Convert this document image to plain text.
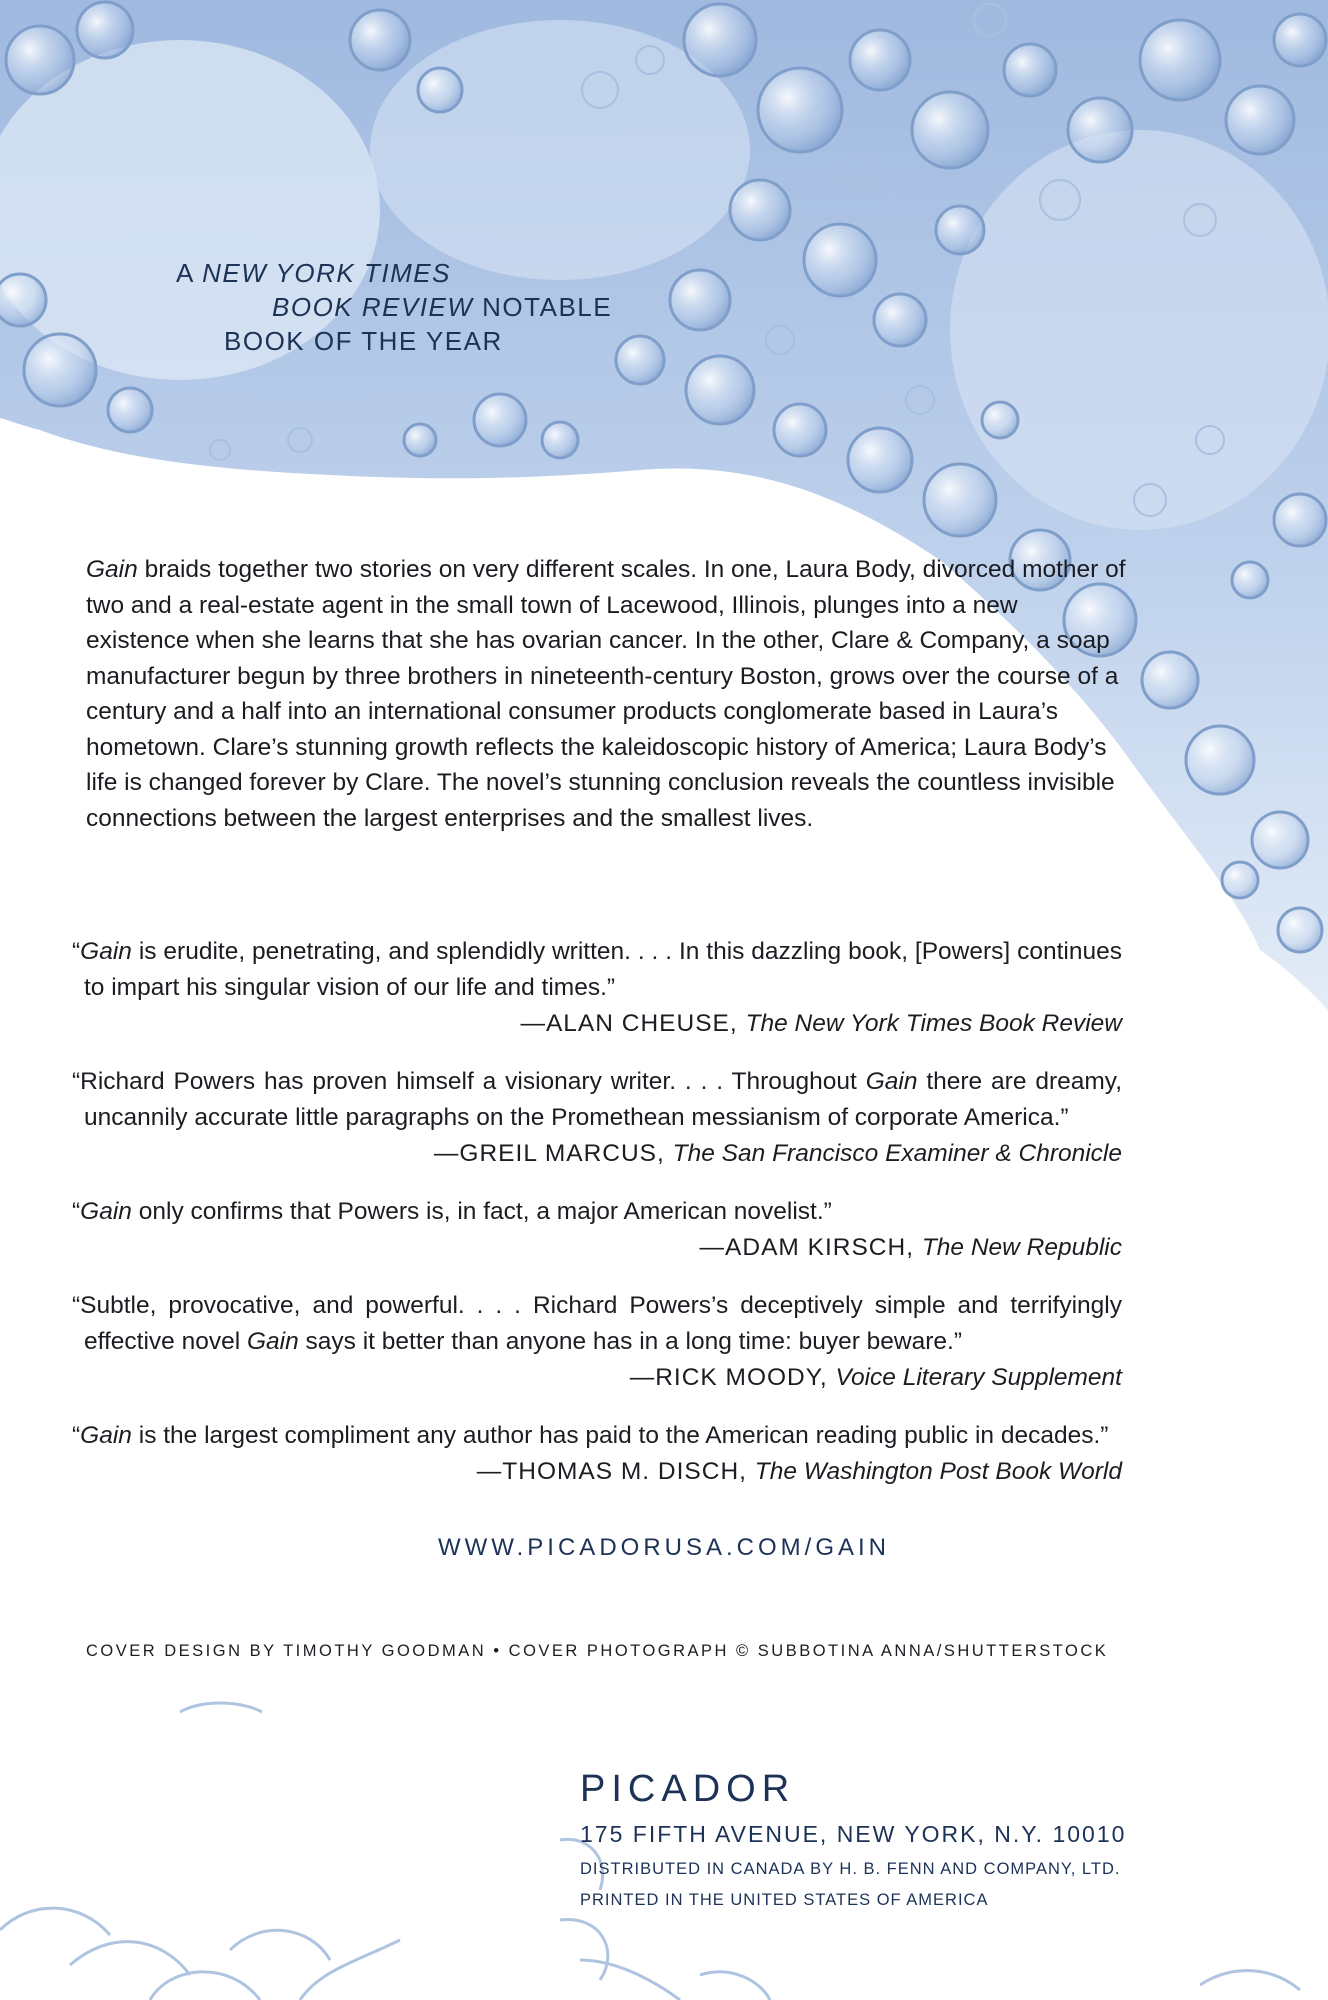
A NEW YORK TIMES
BOOK REVIEW NOTABLE
BOOK OF THE YEAR

Gain braids together two stories on very different scales. In one, Laura Body, divorced mother of two and a real-estate agent in the small town of Lacewood, Illinois, plunges into a new existence when she learns that she has ovarian cancer. In the other, Clare & Company, a soap manufacturer begun by three brothers in nineteenth-century Boston, grows over the course of a century and a half into an international consumer products conglomerate based in Laura’s hometown. Clare’s stunning growth reflects the kaleidoscopic history of America; Laura Body’s life is changed forever by Clare. The novel’s stunning conclusion reveals the countless invisible connections between the largest enterprises and the smallest lives.

“Gain is erudite, penetrating, and splendidly written. . . . In this dazzling book, [Powers] continues to impart his singular vision of our life and times.”
—ALAN CHEUSE, The New York Times Book Review
“Richard Powers has proven himself a visionary writer. . . . Throughout Gain there are dreamy, uncannily accurate little paragraphs on the Promethean messianism of corporate America.”
—GREIL MARCUS, The San Francisco Examiner & Chronicle
“Gain only confirms that Powers is, in fact, a major American novelist.”
—ADAM KIRSCH, The New Republic
“Subtle, provocative, and powerful. . . . Richard Powers’s deceptively simple and terrifyingly effective novel Gain says it better than anyone has in a long time: buyer beware.”
—RICK MOODY, Voice Literary Supplement
“Gain is the largest compliment any author has paid to the American reading public in decades.”
—THOMAS M. DISCH, The Washington Post Book World
WWW.PICADORUSA.COM/GAIN
COVER DESIGN BY TIMOTHY GOODMAN • COVER PHOTOGRAPH © SUBBOTINA ANNA/SHUTTERSTOCK
PICADOR
175 FIFTH AVENUE, NEW YORK, N.Y. 10010
DISTRIBUTED IN CANADA BY H. B. FENN AND COMPANY, LTD.
PRINTED IN THE UNITED STATES OF AMERICA
